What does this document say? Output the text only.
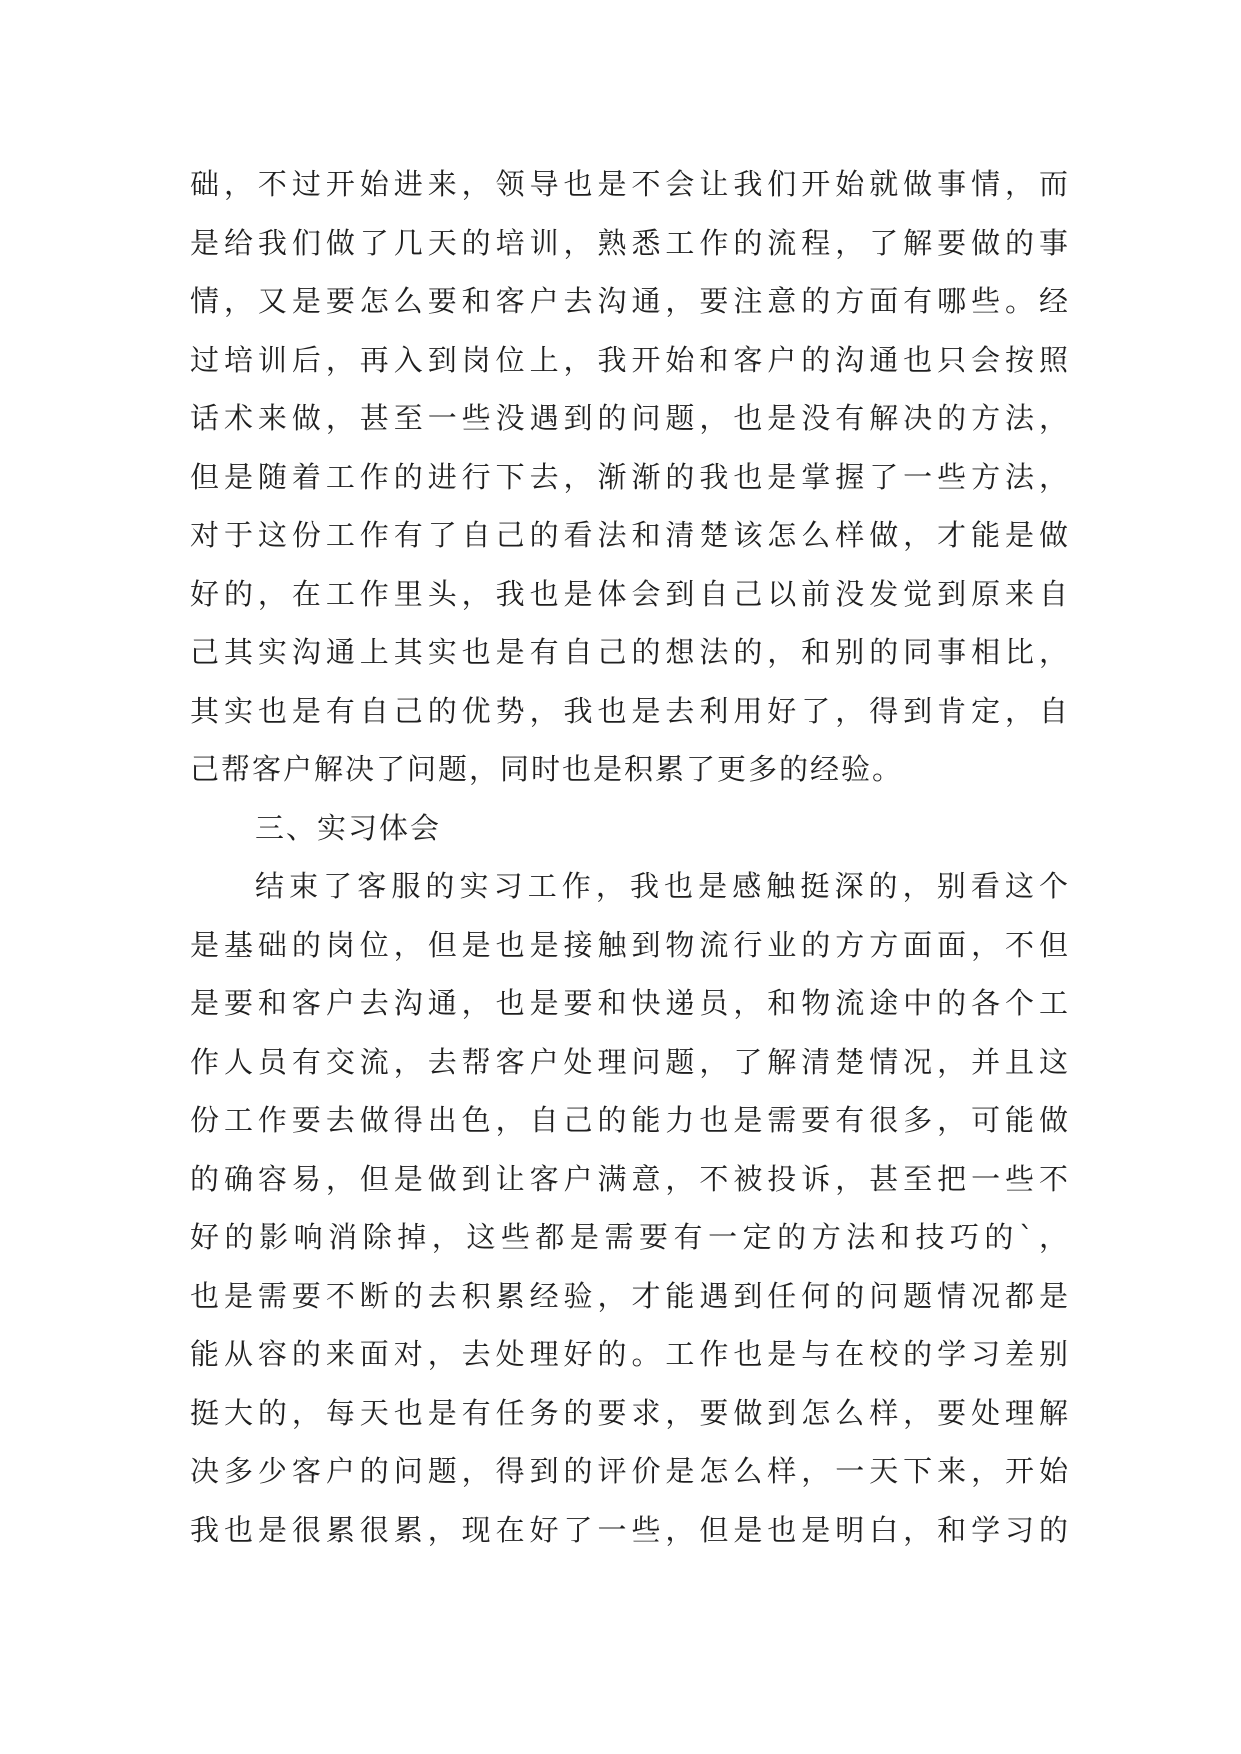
础，不过开始进来，领导也是不会让我们开始就做事情，而
是给我们做了几天的培训，熟悉工作的流程，了解要做的事
情，又是要怎么要和客户去沟通，要注意的方面有哪些。经
过培训后，再入到岗位上，我开始和客户的沟通也只会按照
话术来做，甚至一些没遇到的问题，也是没有解决的方法，
但是随着工作的进行下去，渐渐的我也是掌握了一些方法，
对于这份工作有了自己的看法和清楚该怎么样做，才能是做
好的，在工作里头，我也是体会到自己以前没发觉到原来自
己其实沟通上其实也是有自己的想法的，和别的同事相比，
其实也是有自己的优势，我也是去利用好了，得到肯定，自
己帮客户解决了问题，同时也是积累了更多的经验。
三、实习体会
结束了客服的实习工作，我也是感触挺深的，别看这个
是基础的岗位，但是也是接触到物流行业的方方面面，不但
是要和客户去沟通，也是要和快递员，和物流途中的各个工
作人员有交流，去帮客户处理问题，了解清楚情况，并且这
份工作要去做得出色，自己的能力也是需要有很多，可能做
的确容易，但是做到让客户满意，不被投诉，甚至把一些不
好的影响消除掉，这些都是需要有一定的方法和技巧的`，
也是需要不断的去积累经验，才能遇到任何的问题情况都是
能从容的来面对，去处理好的。工作也是与在校的学习差别
挺大的，每天也是有任务的要求，要做到怎么样，要处理解
决多少客户的问题，得到的评价是怎么样，一天下来，开始
我也是很累很累，现在好了一些，但是也是明白，和学习的
